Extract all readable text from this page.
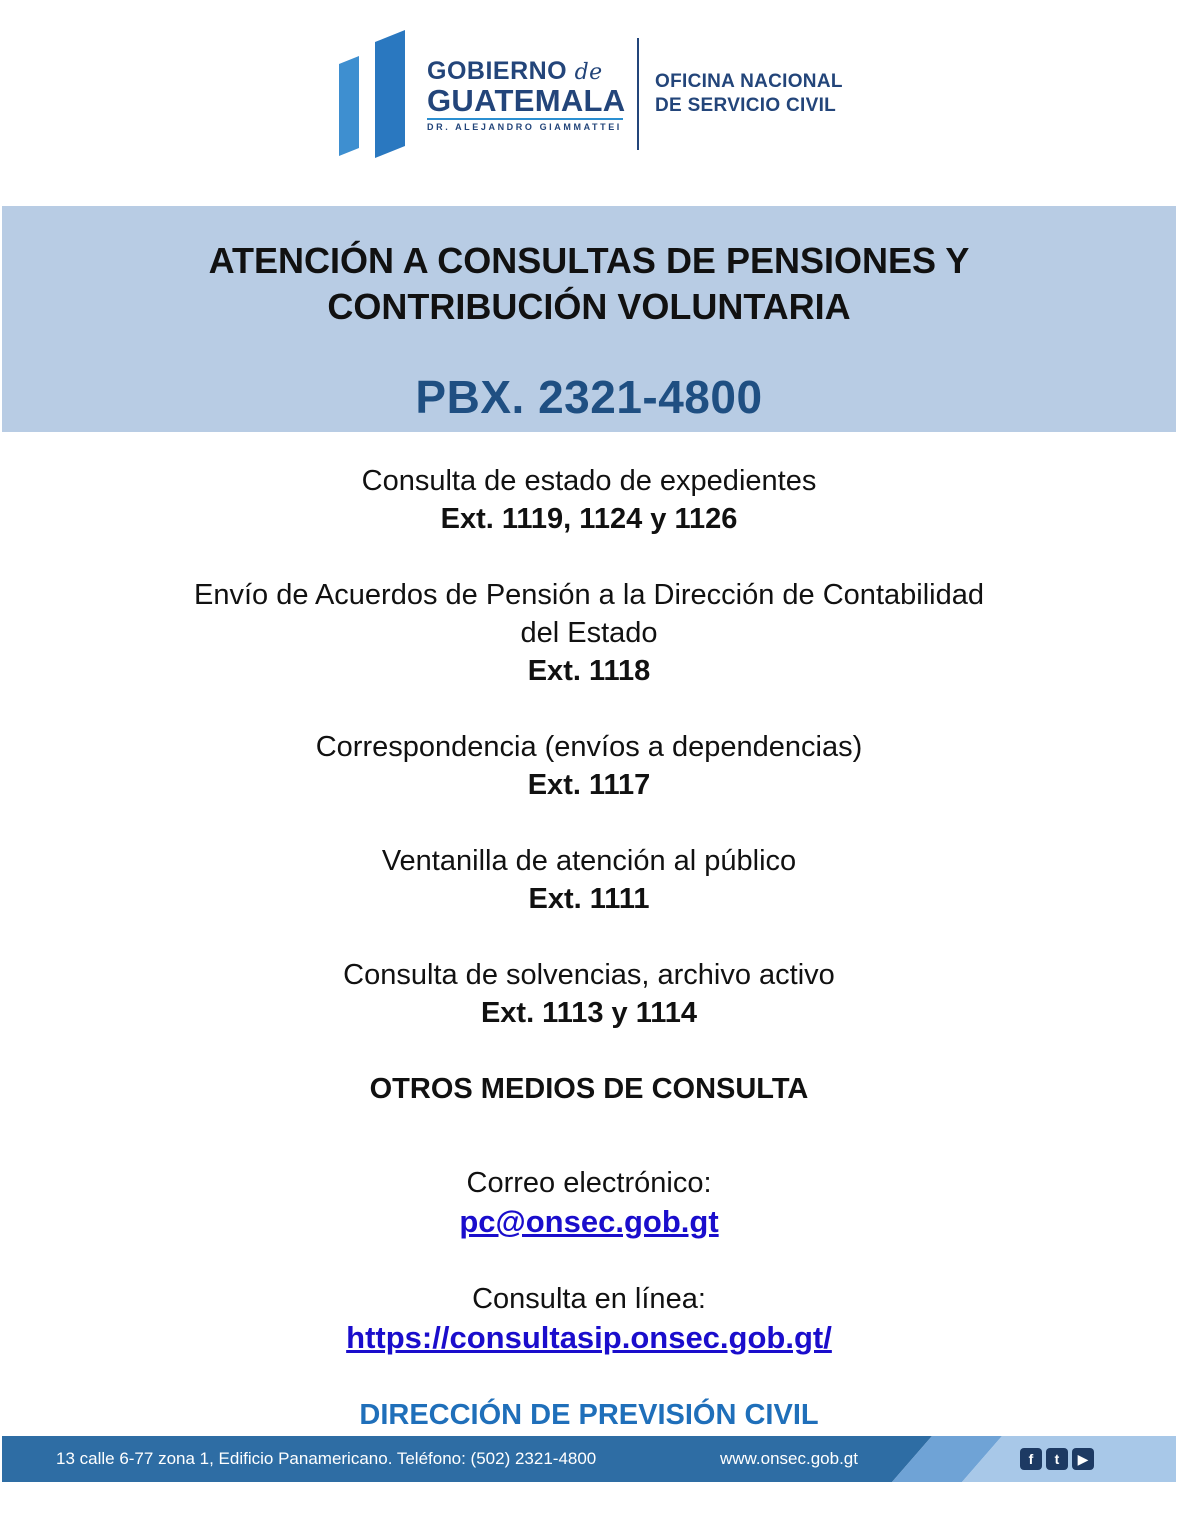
GOBIERNO de
GUATEMALA
DR. ALEJANDRO GIAMMATTEI
OFICINA NACIONAL
DE SERVICIO CIVIL
ATENCIÓN A CONSULTAS DE PENSIONES Y
CONTRIBUCIÓN VOLUNTARIA
PBX. 2321-4800
Consulta de estado de expedientes
Ext. 1119, 1124 y 1126
Envío de Acuerdos de Pensión a la Dirección de Contabilidad
del Estado
Ext. 1118
Correspondencia (envíos a dependencias)
Ext. 1117
Ventanilla de atención al público
Ext. 1111
Consulta de solvencias, archivo activo
Ext. 1113 y 1114
OTROS MEDIOS DE CONSULTA
Correo electrónico:
pc@onsec.gob.gt
Consulta en línea:
https://consultasip.onsec.gob.gt/
DIRECCIÓN DE PREVISIÓN CIVIL
13 calle 6-77 zona 1, Edificio Panamericano. Teléfono: (502) 2321-4800	www.onsec.gob.gt	f	t	▶
